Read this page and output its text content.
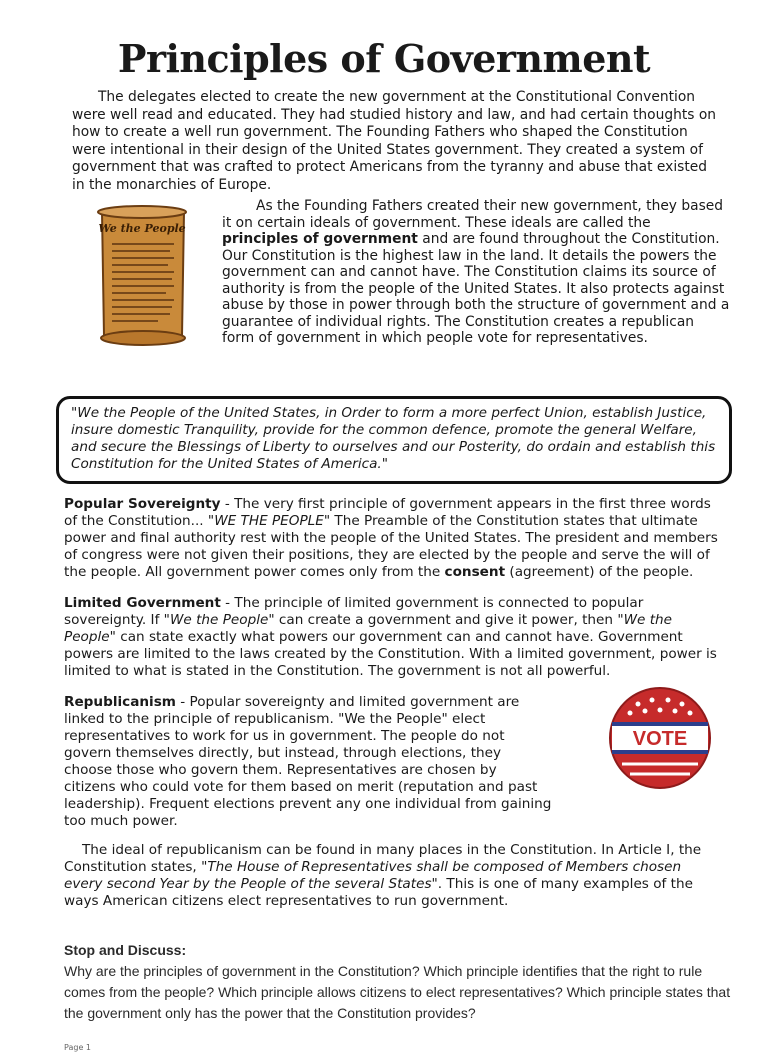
Principles of Government

The delegates elected to create the new government at the Constitutional Convention were well read and educated. They had studied history and law, and had certain thoughts on how to create a well run government. The Founding Fathers who shaped the Constitution were intentional in their design of the United States government. They created a system of government that was crafted to protect Americans from the tyranny and abuse that existed in the monarchies of Europe.

We the People

As the Founding Fathers created their new government, they based it on certain ideals of government. These ideals are called the principles of government and are found throughout the Constitution. Our Constitution is the highest law in the land. It details the powers the government can and cannot have. The Constitution claims its source of authority is from the people of the United States. It also protects against abuse by those in power through both the structure of government and a guarantee of individual rights. The Constitution creates a republican form of government in which people vote for representatives.

"We the People of the United States, in Order to form a more perfect Union, establish Justice, insure domestic Tranquility, provide for the common defence, promote the general Welfare, and secure the Blessings of Liberty to ourselves and our Posterity, do ordain and establish this Constitution for the United States of America."

Popular Sovereignty - The very first principle of government appears in the first three words of the Constitution... "WE THE PEOPLE" The Preamble of the Constitution states that ultimate power and final authority rest with the people of the United States. The president and members of congress were not given their positions, they are elected by the people and serve the will of the people. All government power comes only from the consent (agreement) of the people.

Limited Government - The principle of limited government is connected to popular sovereignty. If "We the People" can create a government and give it power, then "We the People" can state exactly what powers our government can and cannot have. Government powers are limited to the laws created by the Constitution. With a limited government, power is limited to what is stated in the Constitution. The government is not all powerful.

Republicanism - Popular sovereignty and limited government are linked to the principle of republicanism. "We the People" elect representatives to work for us in government. The people do not govern themselves directly, but instead, through elections, they choose those who govern them. Representatives are chosen by citizens who could vote for them based on merit (reputation and past leadership). Frequent elections prevent any one individual from gaining too much power.

VOTE

The ideal of republicanism can be found in many places in the Constitution. In Article I, the Constitution states, "The House of Representatives shall be composed of Members chosen every second Year by the People of the several States". This is one of many examples of the ways American citizens elect representatives to run government.

Stop and Discuss:
Why are the principles of government in the Constitution? Which principle identifies that the right to rule comes from the people? Which principle allows citizens to elect representatives? Which principle states that the government only has the power that the Constitution provides?
Page 1
